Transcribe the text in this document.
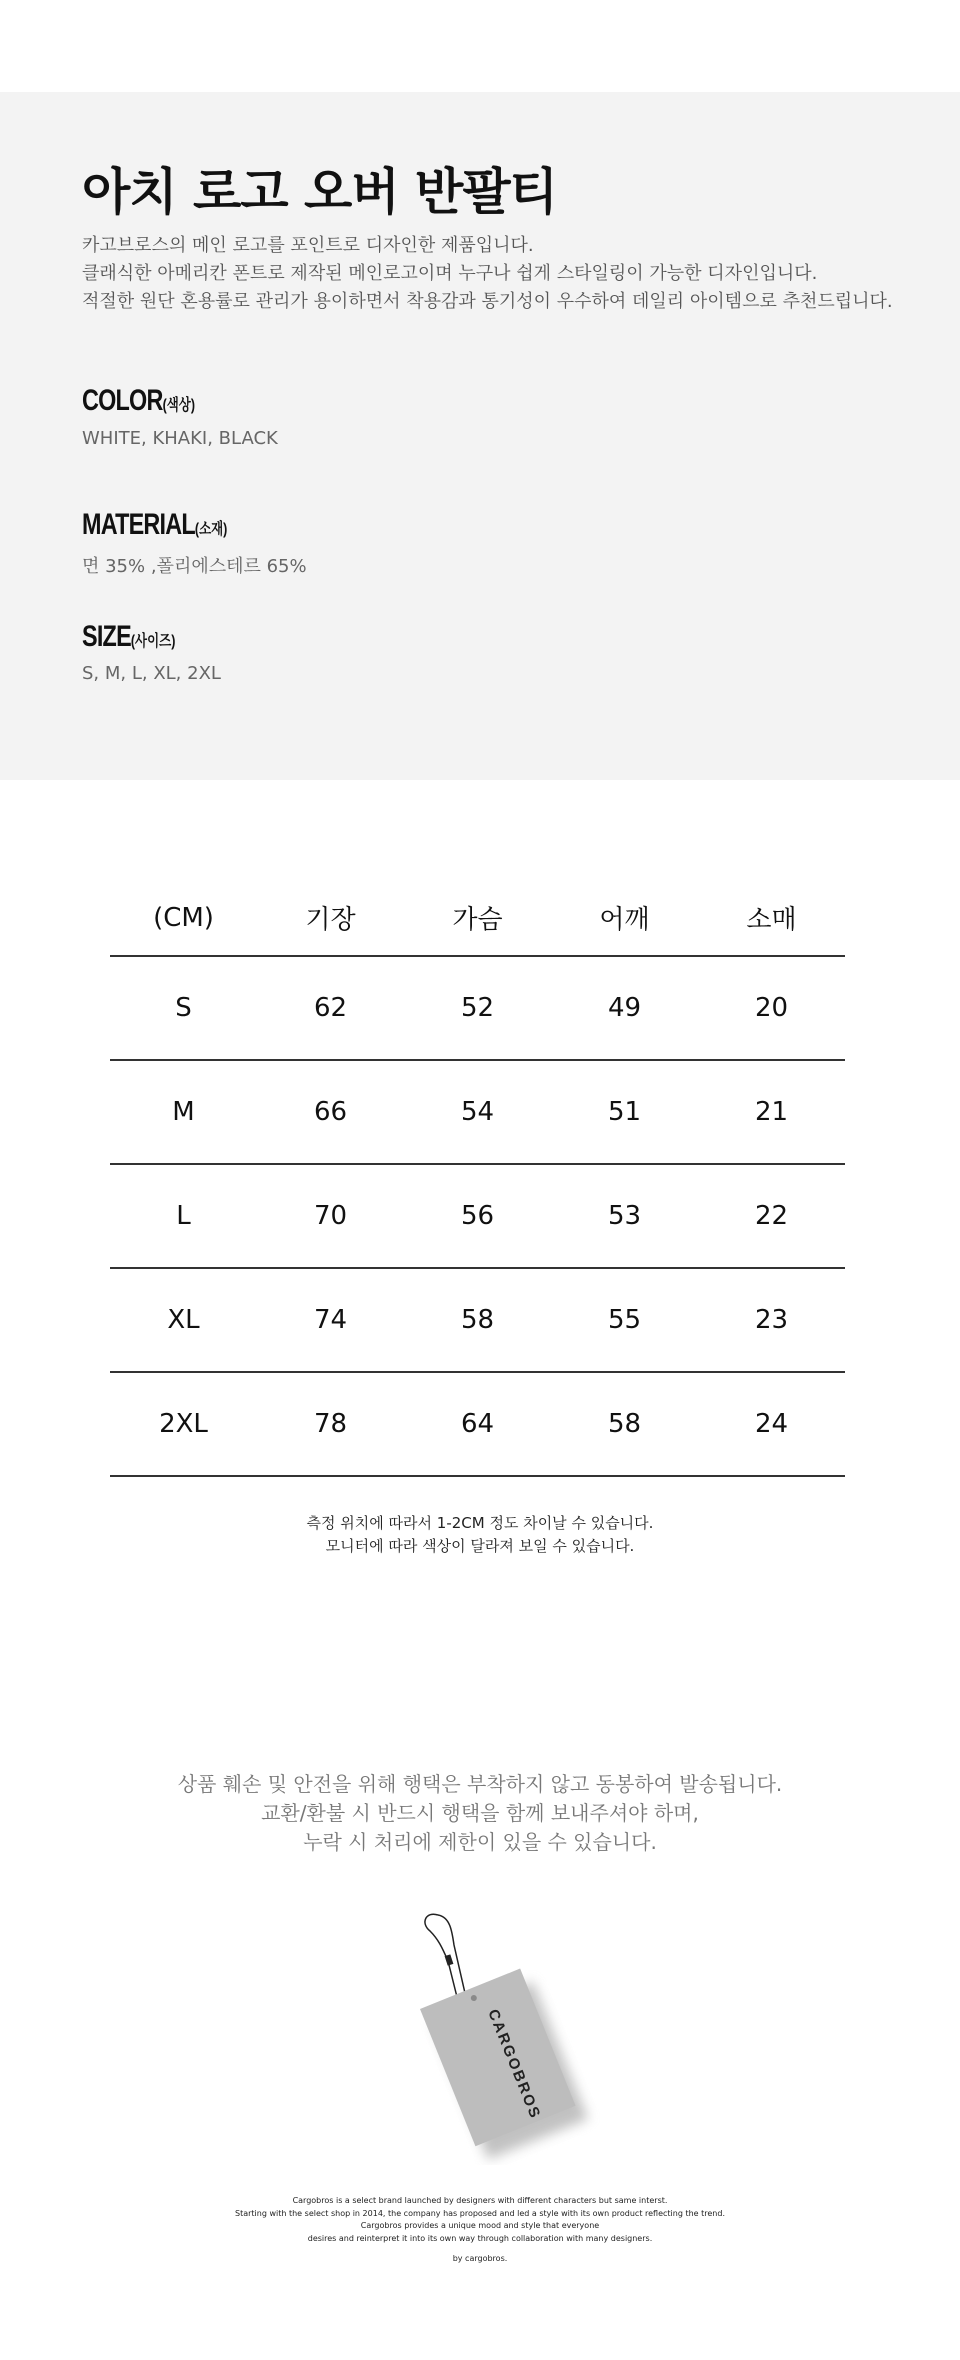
아치 로고 오버 반팔티
카고브로스의 메인 로고를 포인트로 디자인한 제품입니다.
클래식한 아메리칸 폰트로 제작된 메인로고이며 누구나 쉽게 스타일링이 가능한 디자인입니다.
적절한 원단 혼용률로 관리가 용이하면서 착용감과 통기성이 우수하여 데일리 아이템으로 추천드립니다.
COLOR(색상)
WHITE, KHAKI, BLACK
MATERIAL(소재)
면 35% ,폴리에스테르 65%
SIZE(사이즈)
S, M, L, XL, 2XL
(CM)	기장	가슴	어깨	소매
S	62	52	49	20
M	66	54	51	21
L	70	56	53	22
XL	74	58	55	23
2XL	78	64	58	24
측정 위치에 따라서 1-2CM 정도 차이날 수 있습니다.
모니터에 따라 색상이 달라져 보일 수 있습니다.
상품 훼손 및 안전을 위해 행택은 부착하지 않고 동봉하여 발송됩니다.
교환/환불 시 반드시 행택을 함께 보내주셔야 하며,
누락 시 처리에 제한이 있을 수 있습니다.
CARGOBROS
Cargobros is a select brand launched by designers with different characters but same interst.
Starting with the select shop in 2014, the company has proposed and led a style with its own product reflecting the trend.
Cargobros provides a unique mood and style that everyone
desires and reinterpret it into its own way through collaboration with many designers.
by cargobros.
